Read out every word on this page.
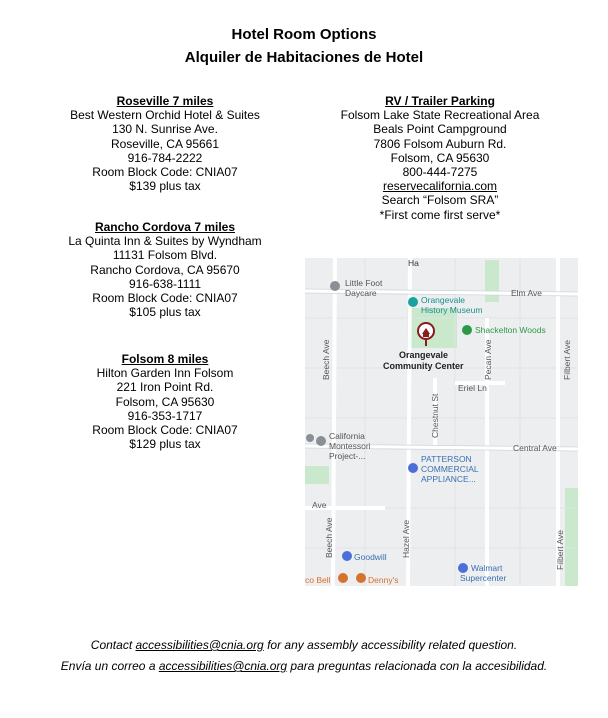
Hotel Room Options
Alquiler de Habitaciones de Hotel
Roseville 7 miles
Best Western Orchid Hotel & Suites
130 N. Sunrise Ave.
Roseville, CA 95661
916-784-2222
Room Block Code: CNIA07
$139 plus tax
Rancho Cordova 7 miles
La Quinta Inn & Suites by Wyndham
11131 Folsom Blvd.
Rancho Cordova, CA 95670
916-638-1111
Room Block Code: CNIA07
$105 plus tax
Folsom 8 miles
Hilton Garden Inn Folsom
221 Iron Point Rd.
Folsom, CA 95630
916-353-1717
Room Block Code: CNIA07
$129 plus tax
RV / Trailer Parking
Folsom Lake State Recreational Area
Beals Point Campground
7806 Folsom Auburn Rd.
Folsom, CA 95630
800-444-7275
reservecalifornia.com
Search “Folsom SRA”
*First come first serve*
Little Foot
Daycare
Ha
Orangevale
History Museum
Elm Ave
Shackelton Woods
Orangevale
Community Center
Eriel Ln
Beech Ave	Pecan Ave	Filbert Ave
Chestnut St
Central Ave
California
Montessori
Project-...	PATTERSON
COMMERCIAL
APPLIANCE...
Ave
Beech Ave	Hazel Ave	Filbert Ave
Goodwill
Walmart
Supercenter
co Bell	Denny's
Contact accessibilities@cnia.org for any assembly accessibility related question.
Envía un correo a accessibilities@cnia.org para preguntas relacionada con la accesibilidad.
